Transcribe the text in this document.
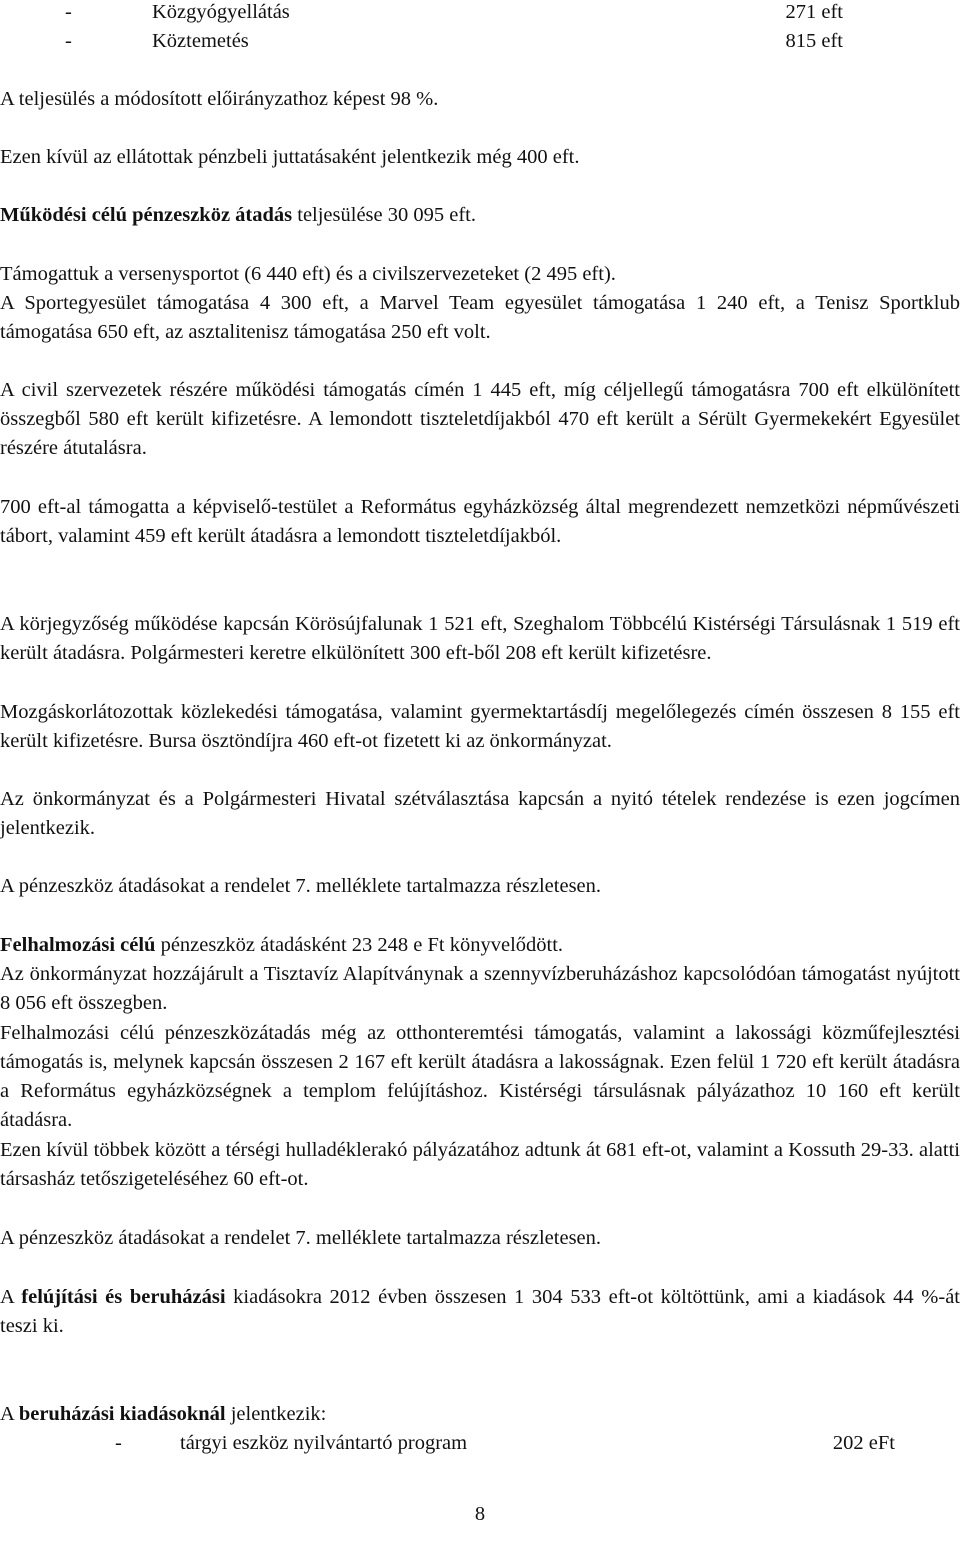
-	Közgyógyellátás	271 eft
-	Köztemetés	815 eft

A teljesülés a módosított előirányzathoz képest 98 %.

Ezen kívül az ellátottak pénzbeli juttatásaként jelentkezik még 400 eft.

Működési célú pénzeszköz átadás teljesülése 30 095 eft.

Támogattuk a versenysportot (6 440 eft) és a civilszervezeteket (2 495 eft).

A Sportegyesület támogatása 4 300 eft, a Marvel Team egyesület támogatása 1 240 eft, a Tenisz Sportklub támogatása 650 eft, az asztalitenisz támogatása 250 eft volt.

A civil szervezetek részére működési támogatás címén 1 445 eft, míg céljellegű támogatásra 700 eft elkülönített összegből 580 eft került kifizetésre. A lemondott tiszteletdíjakból 470 eft került a Sérült Gyermekekért Egyesület részére átutalásra.

700 eft-al támogatta a képviselő-testület a Református egyházközség által megrendezett nemzetközi népművészeti tábort, valamint 459 eft került átadásra a lemondott tiszteletdíjakból.

A körjegyzőség működése kapcsán Körösújfalunak 1 521 eft, Szeghalom Többcélú Kistérségi Társulásnak 1 519 eft került átadásra. Polgármesteri keretre elkülönített 300 eft-ből 208 eft került kifizetésre.

Mozgáskorlátozottak közlekedési támogatása, valamint gyermektartásdíj megelőlegezés címén összesen 8 155 eft került kifizetésre. Bursa ösztöndíjra 460 eft-ot fizetett ki az önkormányzat.

Az önkormányzat és a Polgármesteri Hivatal szétválasztása kapcsán a nyitó tételek rendezése is ezen jogcímen jelentkezik.

A pénzeszköz átadásokat a rendelet 7. melléklete tartalmazza részletesen.

Felhalmozási célú pénzeszköz átadásként 23 248 e Ft könyvelődött.

Az önkormányzat hozzájárult a Tisztavíz Alapítványnak a szennyvízberuházáshoz kapcsolódóan támogatást nyújtott 8 056 eft összegben.

Felhalmozási célú pénzeszközátadás még az otthonteremtési támogatás, valamint a lakossági közműfejlesztési támogatás is, melynek kapcsán összesen 2 167 eft került átadásra a lakosságnak. Ezen felül 1 720 eft került átadásra a Református egyházközségnek a templom felújításhoz. Kistérségi társulásnak pályázathoz 10 160 eft került átadásra.

Ezen kívül többek között a térségi hulladéklerakó pályázatához adtunk át 681 eft-ot, valamint a Kossuth 29-33. alatti társasház tetőszigeteléséhez 60 eft-ot.

A pénzeszköz átadásokat a rendelet 7. melléklete tartalmazza részletesen.

A felújítási és beruházási kiadásokra 2012 évben összesen 1 304 533 eft-ot költöttünk, ami a kiadások 44 %-át teszi ki.

A beruházási kiadásoknál jelentkezik:

-	tárgyi eszköz nyilvántartó program	202 eFt
8
